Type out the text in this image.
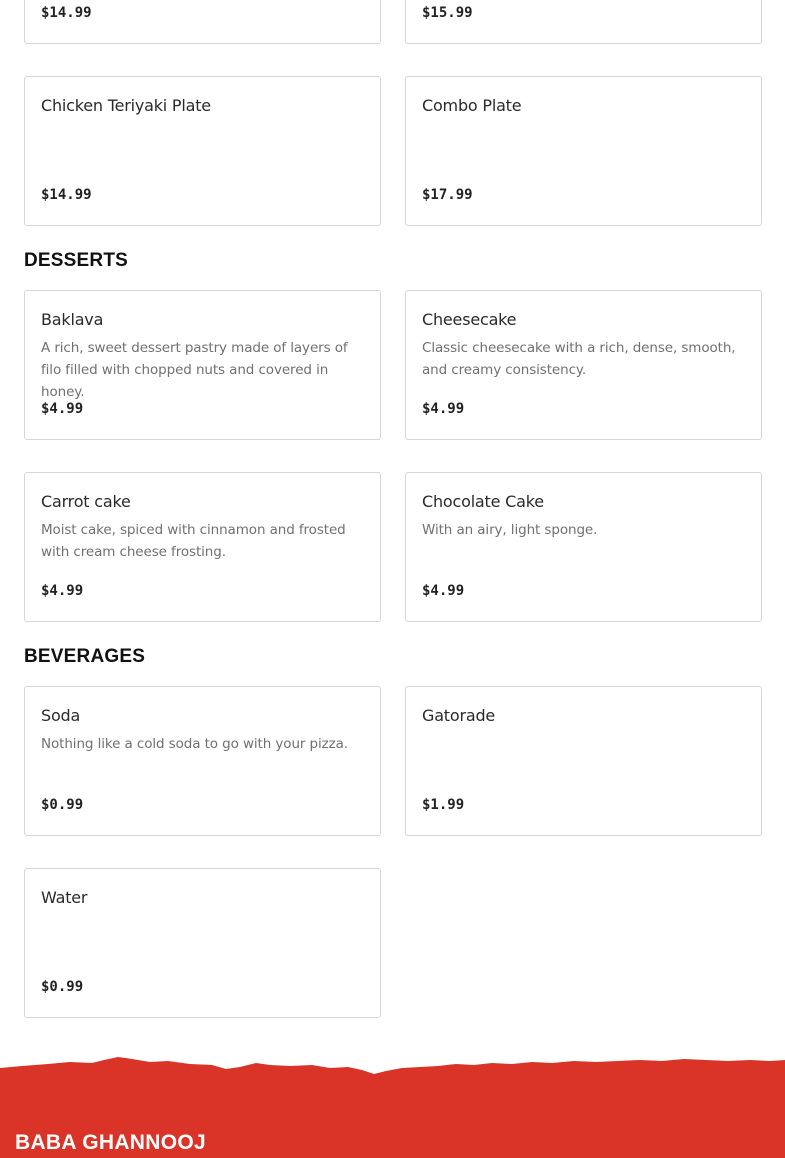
$14.99	$15.99
Chicken Teriyaki Plate
$14.99
Combo Plate
$17.99
DESSERTS
Baklava
A rich, sweet dessert pastry made of layers of filo filled with chopped nuts and covered in honey.
$4.99
Cheesecake
Classic cheesecake with a rich, dense, smooth, and creamy consistency.
$4.99
Carrot cake
Moist cake, spiced with cinnamon and frosted with cream cheese frosting.
$4.99
Chocolate Cake
With an airy, light sponge.
$4.99
BEVERAGES
Soda
Nothing like a cold soda to go with your pizza.
$0.99
Gatorade
$1.99
Water
$0.99
BABA GHANNOOJ
